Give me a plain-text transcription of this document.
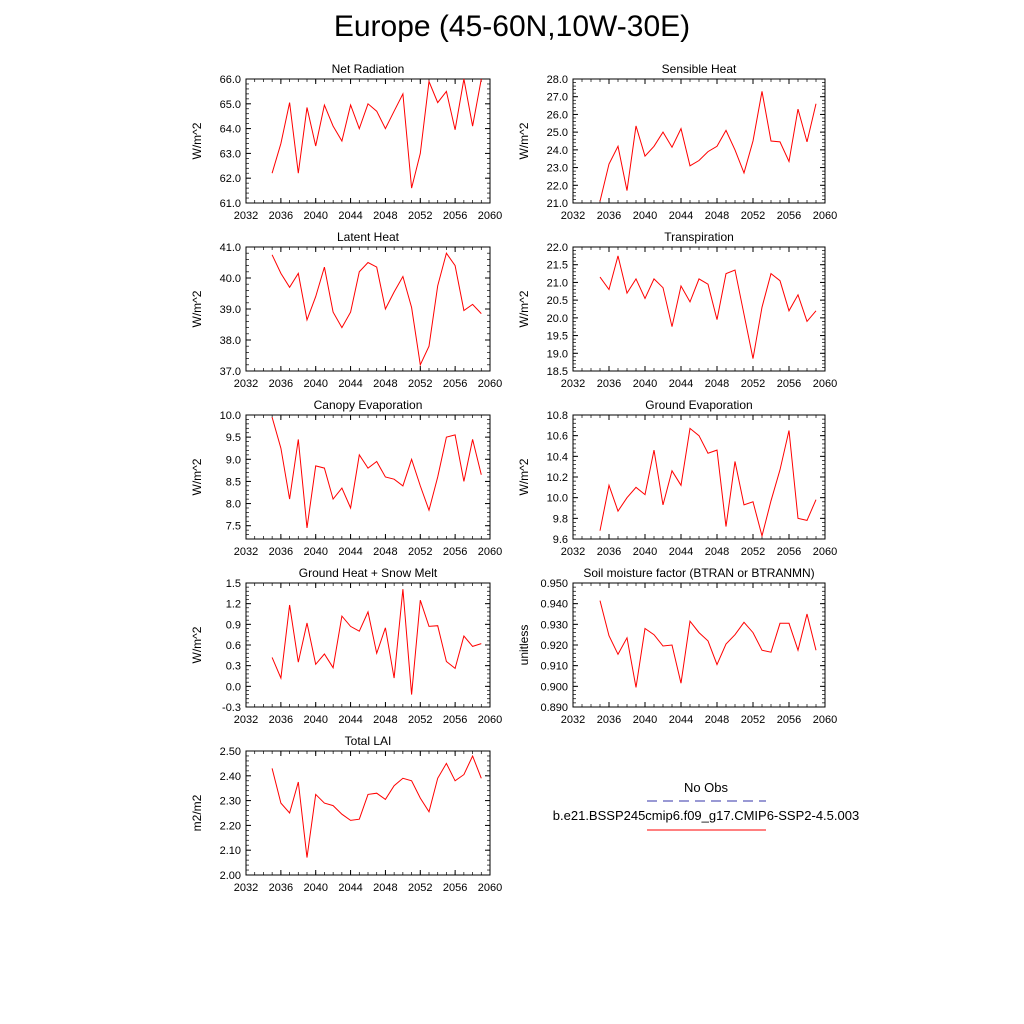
Europe (45-60N,10W-30E)
Net Radiation
W/m^2
61.0
62.0
63.0
64.0
65.0
66.0
2032 2036 2040 2044 2048 2052 2056 2060
Sensible Heat
W/m^2
21.0
22.0
23.0
24.0
25.0
26.0
27.0
28.0
2032 2036 2040 2044 2048 2052 2056 2060
Latent Heat
W/m^2
37.0
38.0
39.0
40.0
41.0
2032 2036 2040 2044 2048 2052 2056 2060
Transpiration
W/m^2
18.5
19.0
19.5
20.0
20.5
21.0
21.5
22.0
2032 2036 2040 2044 2048 2052 2056 2060
Canopy Evaporation
W/m^2
7.5
8.0
8.5
9.0
9.5
10.0
2032 2036 2040 2044 2048 2052 2056 2060
Ground Evaporation
W/m^2
9.6
9.8
10.0
10.2
10.4
10.6
10.8
2032 2036 2040 2044 2048 2052 2056 2060
Ground Heat + Snow Melt
W/m^2
-0.3
0.0
0.3
0.6
0.9
1.2
1.5
2032 2036 2040 2044 2048 2052 2056 2060
Soil moisture factor (BTRAN or BTRANMN)
unitless
0.890
0.900
0.910
0.920
0.930
0.940
0.950
2032 2036 2040 2044 2048 2052 2056 2060
Total LAI
m2/m2
2.00
2.10
2.20
2.30
2.40
2.50
2032 2036 2040 2044 2048 2052 2056 2060
No Obs
b.e21.BSSP245cmip6.f09_g17.CMIP6-SSP2-4.5.003
